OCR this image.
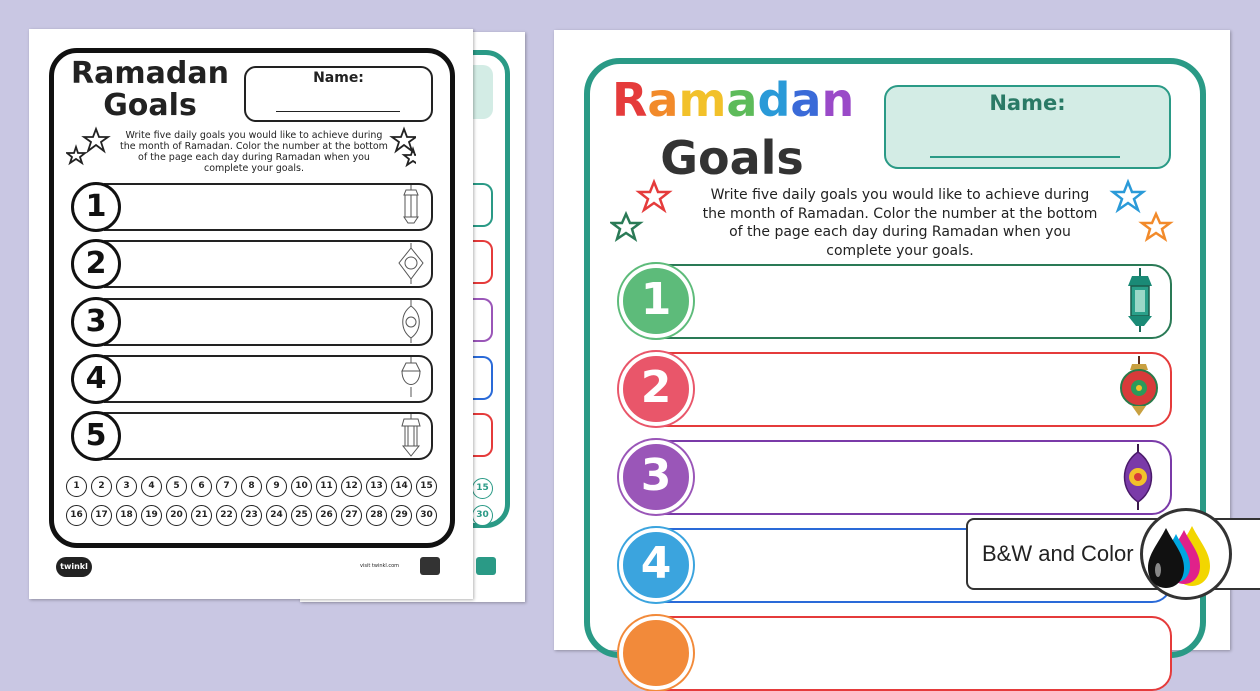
15
30
Ramadan
Goals
Name:
Write five daily goals you would like to achieve during the month of Ramadan. Color the number at the bottom of the page each day during Ramadan when you complete your goals.
1
2
3
4
5
1	2	3	4	5	6	7	8	9	10	11	12	13	14	15
16	17	18	19	20	21	22	23	24	25	26	27	28	29	30
twinkl	visit twinkl.com
Ramadan
Goals
Name:
Write five daily goals you would like to achieve during the month of Ramadan. Color the number at the bottom of the page each day during Ramadan when you complete your goals.
1
2
3
4	B&W and Color
